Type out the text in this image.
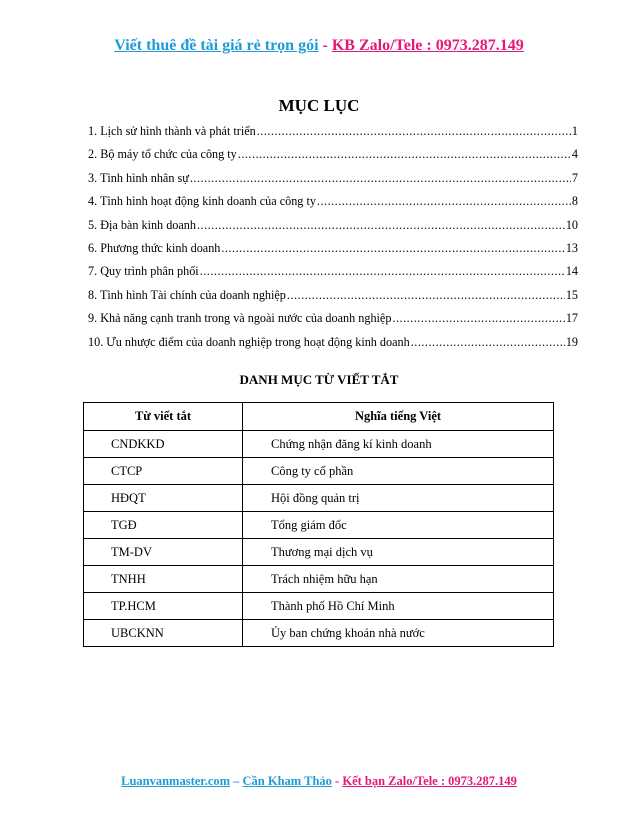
Viết thuê đề tài giá rẻ trọn gói - KB Zalo/Tele : 0973.287.149
MỤC LỤC
1. Lịch sử hình thành và phát triển .....	1
2. Bộ máy tổ chức của công ty .....	4
3. Tình hình nhân sự .....	7
4. Tình hình hoạt động kinh doanh của công ty .....	8
5. Địa bàn kinh doanh .....	10
6. Phương thức kinh doanh .....	13
7. Quy trình phân phối .....	14
8. Tình hình Tài chính của doanh nghiệp .....	15
9. Khả năng cạnh tranh trong và ngoài nước của doanh nghiệp .....	17
10. Ưu nhược điểm của doanh nghiệp trong hoạt động kinh doanh .....	19
DANH MỤC TỪ VIẾT TẮT
Từ viết tắt	Nghĩa tiếng Việt
CNDKKD	Chứng nhận đăng kí kinh doanh
CTCP	Công ty cổ phần
HĐQT	Hội đồng quản trị
TGĐ	Tổng giám đốc
TM-DV	Thương mại dịch vụ
TNHH	Trách nhiệm hữu hạn
TP.HCM	Thành phố Hồ Chí Minh
UBCKNN	Ủy ban chứng khoán nhà nước
Luanvanmaster.com – Cần Kham Thảo - Kết bạn Zalo/Tele : 0973.287.149
